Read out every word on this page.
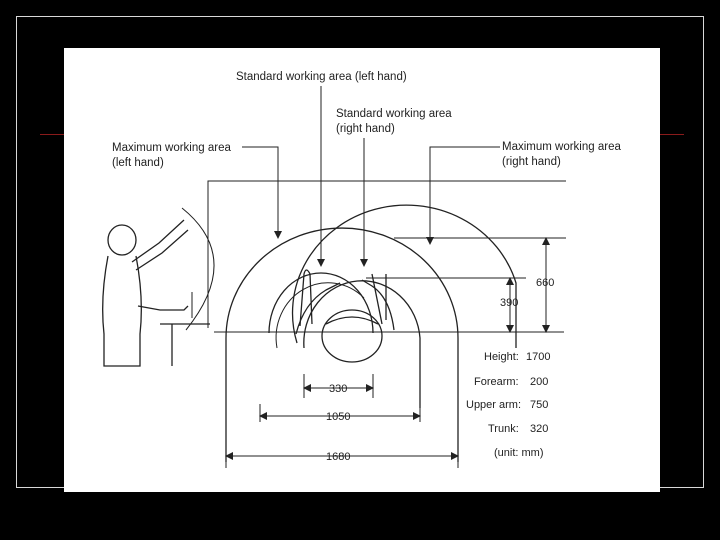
Standard working area (left hand)
Standard working area
(right hand)
Maximum working area
(left hand)
Maximum working area
(right hand)
660
390
330
1050
1680
Height: 1700
Forearm: 200
Upper arm: 750
Trunk: 320
(unit: mm)
